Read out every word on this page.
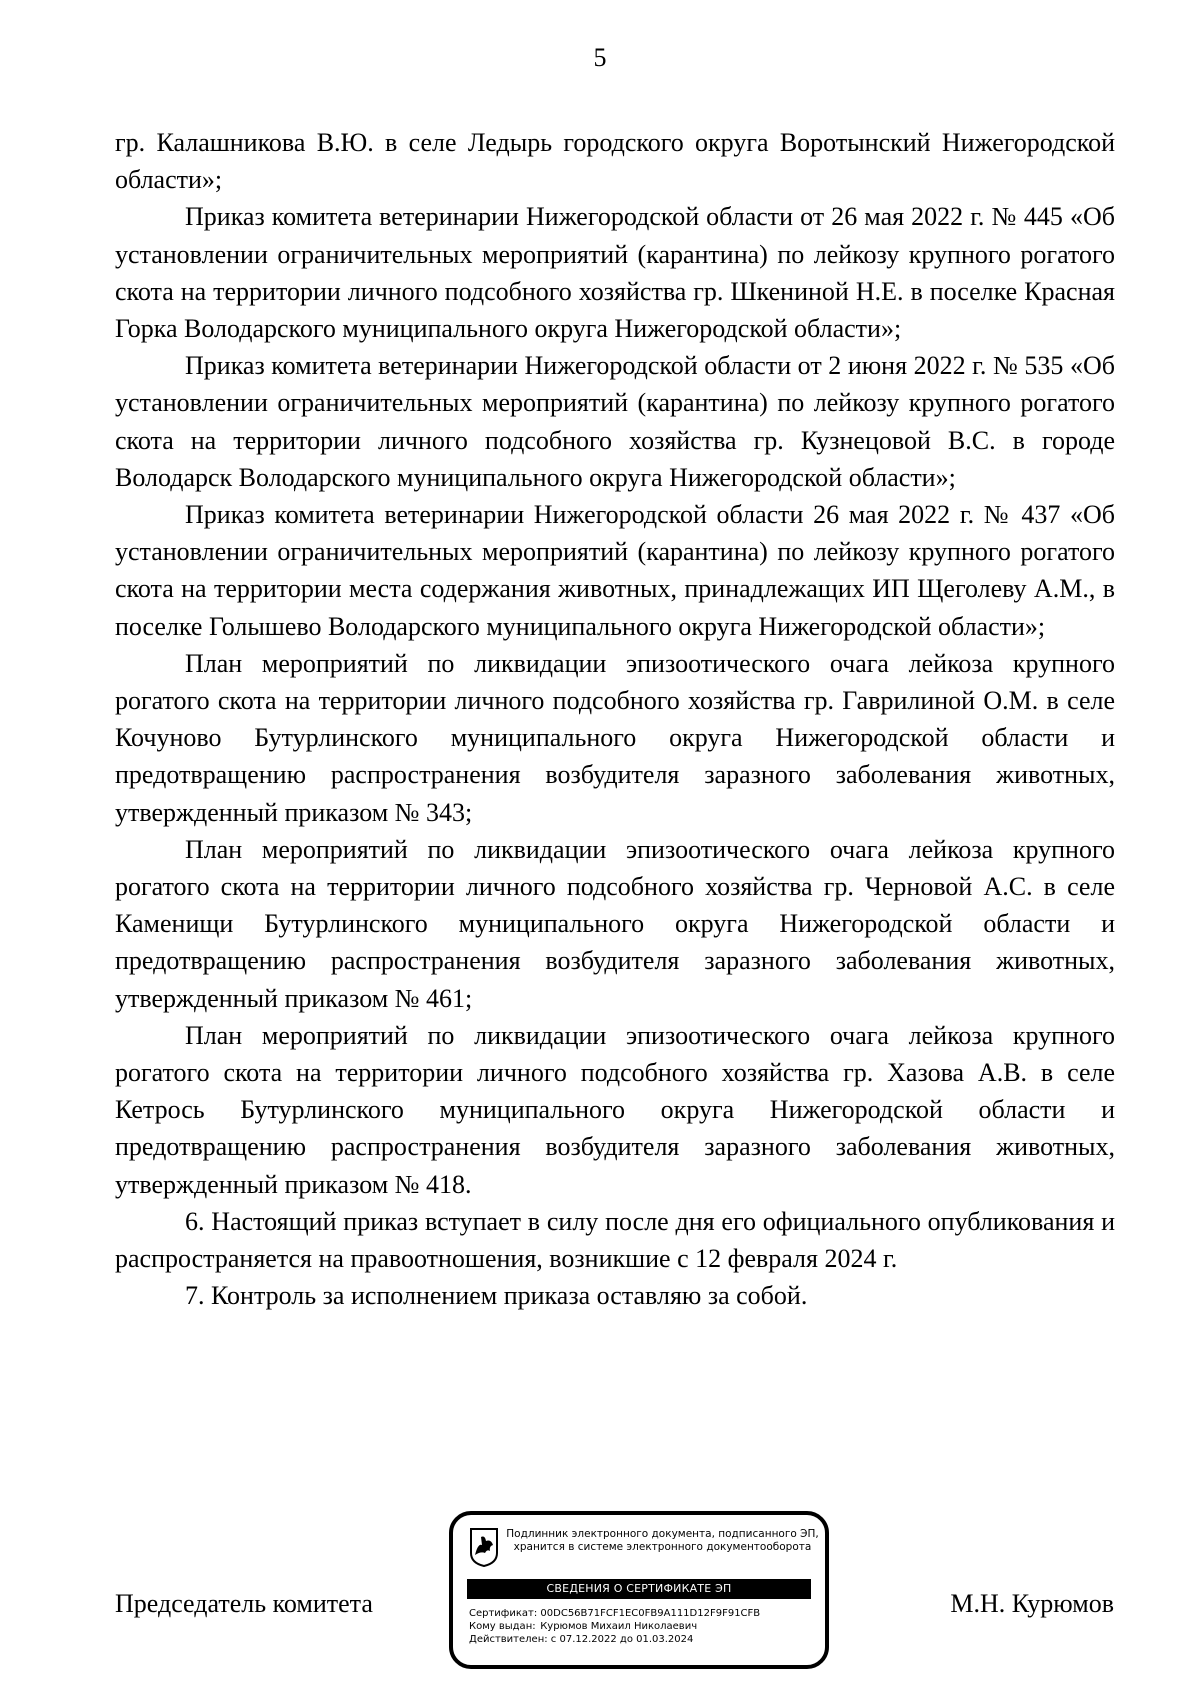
5

гр. Калашникова В.Ю. в селе Ледырь городского округа Воротынский Нижегородской области»;

Приказ комитета ветеринарии Нижегородской области от 26 мая 2022 г. № 445 «Об установлении ограничительных мероприятий (карантина) по лейкозу крупного рогатого скота на территории личного подсобного хозяйства гр. Шкениной Н.Е. в поселке Красная Горка Володарского муниципального округа Нижегородской области»;

Приказ комитета ветеринарии Нижегородской области от 2 июня 2022 г. № 535 «Об установлении ограничительных мероприятий (карантина) по лейкозу крупного рогатого скота на территории личного подсобного хозяйства гр. Кузнецовой В.С. в городе Володарск Володарского муниципального округа Нижегородской области»;

Приказ комитета ветеринарии Нижегородской области 26 мая 2022 г. № 437 «Об установлении ограничительных мероприятий (карантина) по лейкозу крупного рогатого скота на территории места содержания животных, принадлежащих ИП Щеголеву А.М., в поселке Голышево Володарского муниципального округа Нижегородской области»;

План мероприятий по ликвидации эпизоотического очага лейкоза крупного рогатого скота на территории личного подсобного хозяйства гр. Гаврилиной О.М. в селе Кочуново Бутурлинского муниципального округа Нижегородской области и предотвращению распространения возбудителя заразного заболевания животных, утвержденный приказом № 343;

План мероприятий по ликвидации эпизоотического очага лейкоза крупного рогатого скота на территории личного подсобного хозяйства гр. Черновой А.С. в селе Каменищи Бутурлинского муниципального округа Нижегородской области и предотвращению распространения возбудителя заразного заболевания животных, утвержденный приказом № 461;

План мероприятий по ликвидации эпизоотического очага лейкоза крупного рогатого скота на территории личного подсобного хозяйства гр. Хазова А.В. в селе Кетрось Бутурлинского муниципального округа Нижегородской области и предотвращению распространения возбудителя заразного заболевания животных, утвержденный приказом № 418.

6. Настоящий приказ вступает в силу после дня его официального опубликования и распространяется на правоотношения, возникшие с 12 февраля 2024 г.

7. Контроль за исполнением приказа оставляю за собой.

Председатель комитета	М.Н. Курюмов
Подлинник электронного документа, подписанного ЭП,
хранится в системе электронного документооборота
СВЕДЕНИЯ О СЕРТИФИКАТЕ ЭП
Сертификат: 00DC56B71FCF1EC0FB9A111D12F9F91CFB
Кому выдан: Курюмов Михаил Николаевич
Действителен: с 07.12.2022 до 01.03.2024
